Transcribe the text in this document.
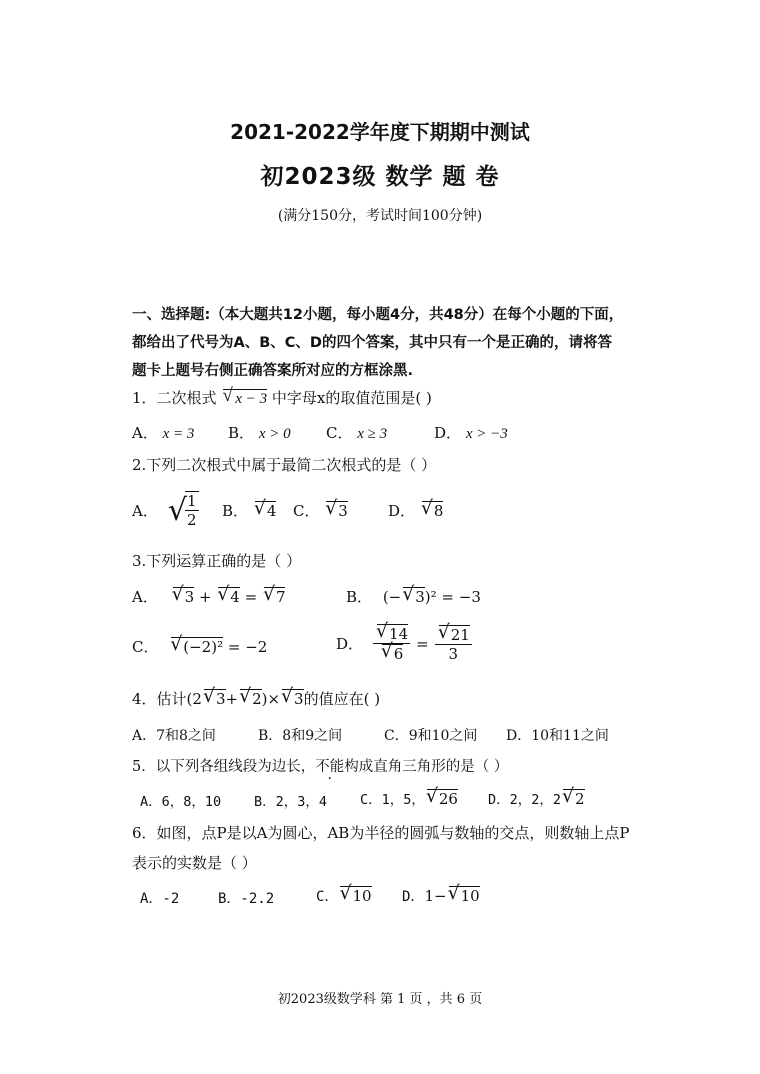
2021-2022学年度下期期中测试
初2023级 数学 题 卷
(满分150分，考试时间100分钟)
一、选择题:（本大题共12小题，每小题4分，共48分）在每个小题的下面，
都给出了代号为A、B、C、D的四个答案，其中只有一个是正确的，请将答
题卡上题号右侧正确答案所对应的方框涂黑.
1．二次根式 √ x − 3 中字母x的取值范围是( )
A． x = 3 B． x > 0 C． x ≥ 3	D． x > −3
2.下列二次根式中属于最简二次根式的是（ ）
A． √
$\frac{1}{2}$ B． √ 4 C． √ 3	D． √ 8
3.下列运算正确的是（ ）
A． √ 3 + √ 4 = √ 7	B． (− √ 3)² = −3
C． √ (−2)² = −2	D． √ 14
√ 6 = √ $\frac{21}{3}$
4．估计(2 √ 3+ √ 2)× √ 3的值应在( )
A．7和8之间	B．8和9之间	C．9和10之间 D．10和11之间
5．以下列各组线段为边长，不能构成直角三角形的是（ ）
A．6，8，10 B．2，3，4 C．1，5， √ 26 D．2，2，2 √ 2
6．如图，点P是以A为圆心，AB为半径的圆弧与数轴的交点，则数轴上点P
表示的实数是（ ）
A．-2	B．-2.2	C． √ 10 D．1− √ 10
初2023级数学科 第 1 页 ，共 6 页
